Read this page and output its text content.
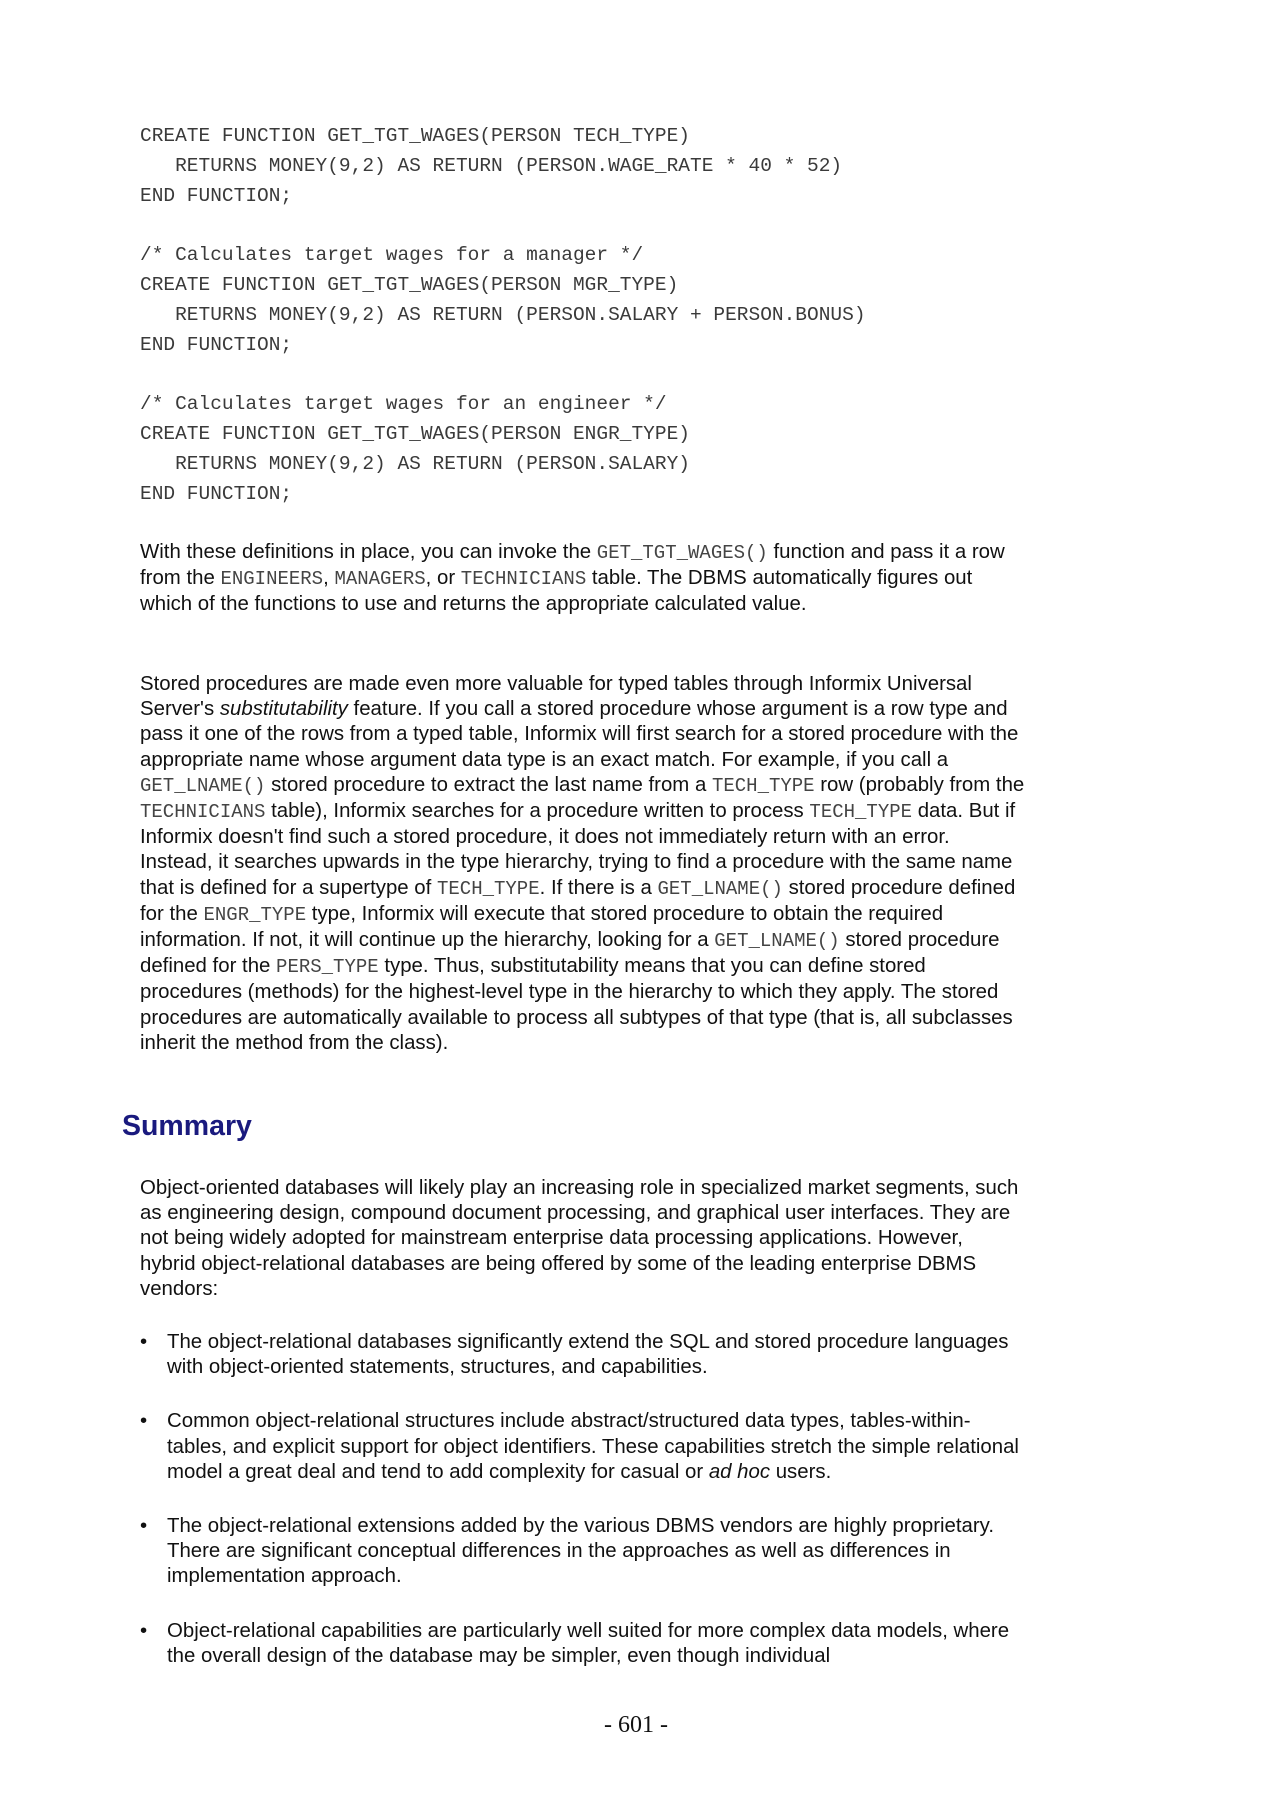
CREATE FUNCTION GET_TGT_WAGES(PERSON TECH_TYPE)
RETURNS MONEY(9,2) AS RETURN (PERSON.WAGE_RATE * 40 * 52)
END FUNCTION;
/* Calculates target wages for a manager */
CREATE FUNCTION GET_TGT_WAGES(PERSON MGR_TYPE)
RETURNS MONEY(9,2) AS RETURN (PERSON.SALARY + PERSON.BONUS)
END FUNCTION;
/* Calculates target wages for an engineer */
CREATE FUNCTION GET_TGT_WAGES(PERSON ENGR_TYPE)
RETURNS MONEY(9,2) AS RETURN (PERSON.SALARY)
END FUNCTION;

With these definitions in place, you can invoke the GET_TGT_WAGES() function and pass it a row from the ENGINEERS, MANAGERS, or TECHNICIANS table. The DBMS automatically figures out which of the functions to use and returns the appropriate calculated value.

Stored procedures are made even more valuable for typed tables through Informix Universal Server's substitutability feature. If you call a stored procedure whose argument is a row type and pass it one of the rows from a typed table, Informix will first search for a stored procedure with the appropriate name whose argument data type is an exact match. For example, if you call a GET_LNAME() stored procedure to extract the last name from a TECH_TYPE row (probably from the TECHNICIANS table), Informix searches for a procedure written to process TECH_TYPE data. But if Informix doesn't find such a stored procedure, it does not immediately return with an error. Instead, it searches upwards in the type hierarchy, trying to find a procedure with the same name that is defined for a supertype of TECH_TYPE. If there is a GET_LNAME() stored procedure defined for the ENGR_TYPE type, Informix will execute that stored procedure to obtain the required information. If not, it will continue up the hierarchy, looking for a GET_LNAME() stored procedure defined for the PERS_TYPE type. Thus, substitutability means that you can define stored procedures (methods) for the highest-level type in the hierarchy to which they apply. The stored procedures are automatically available to process all subtypes of that type (that is, all subclasses inherit the method from the class).

Summary

Object-oriented databases will likely play an increasing role in specialized market segments, such as engineering design, compound document processing, and graphical user interfaces. They are not being widely adopted for mainstream enterprise data processing applications. However, hybrid object-relational databases are being offered by some of the leading enterprise DBMS vendors:

• The object-relational databases significantly extend the SQL and stored procedure languages with object-oriented statements, structures, and capabilities.
• Common object-relational structures include abstract/structured data types, tables-within-tables, and explicit support for object identifiers. These capabilities stretch the simple relational model a great deal and tend to add complexity for casual or ad hoc users.
• The object-relational extensions added by the various DBMS vendors are highly proprietary. There are significant conceptual differences in the approaches as well as differences in implementation approach.
• Object-relational capabilities are particularly well suited for more complex data models, where the overall design of the database may be simpler, even though individual
- 601 -
